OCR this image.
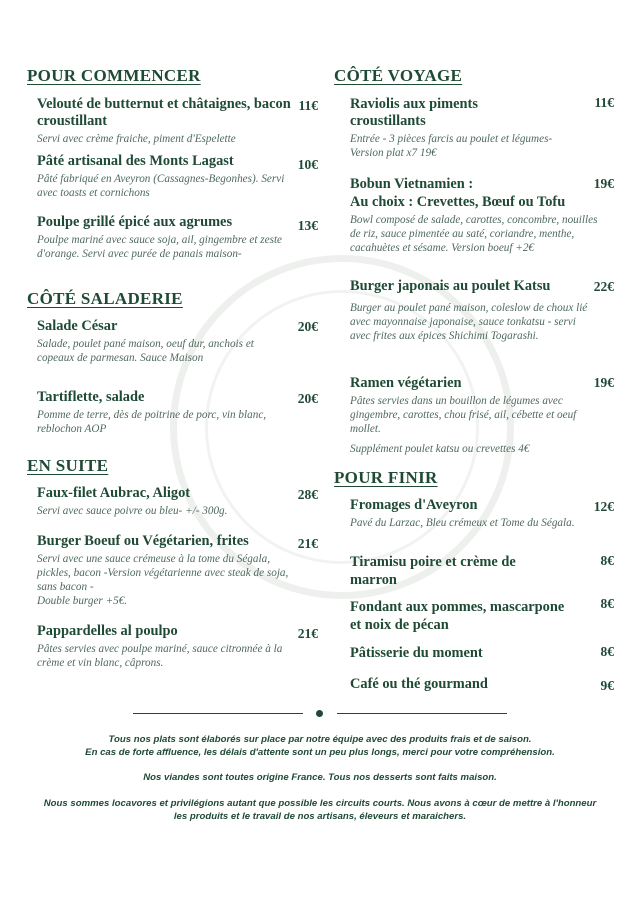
POUR COMMENCER
Velouté de butternut et châtaignes, bacon croustillant
Servi avec crème fraiche, piment d'Espelette
11€
Pâté artisanal des Monts Lagast
Pâté fabriqué en Aveyron (Cassagnes-Begonhes). Servi avec toasts et cornichons
10€
Poulpe grillé épicé aux agrumes
Poulpe mariné avec sauce soja, ail, gingembre et zeste d'orange. Servi avec purée de panais maison-
13€
CÔTÉ SALADERIE
Salade César
Salade, poulet pané maison, oeuf dur, anchois et copeaux de parmesan. Sauce Maison
20€
Tartiflette, salade
Pomme de terre, dès de poitrine de porc, vin blanc, reblochon AOP
20€
EN SUITE
Faux-filet Aubrac, Aligot
Servi avec sauce poivre ou bleu- +/- 300g.
28€
Burger Boeuf ou Végétarien, frites
Servi avec une sauce crémeuse à la tome du Ségala, pickles, bacon -Version végétarienne avec steak de soja, sans bacon -
Double burger +5€.
21€
Pappardelles al poulpo
Pâtes servies avec poulpe mariné, sauce citronnée à la crème et vin blanc, câprons.
21€
CÔTÉ VOYAGE
Raviolis aux piments croustillants
Entrée - 3 pièces farcis au poulet et légumes-Version plat x7 19€
11€
Bobun Vietnamien :
Au choix : Crevettes, Bœuf ou Tofu
Bowl composé de salade, carottes, concombre, nouilles de riz, sauce pimentée au saté, coriandre, menthe, cacahuètes et sésame. Version boeuf +2€
19€
Burger japonais au poulet Katsu
Burger au poulet pané maison, coleslow de choux lié avec mayonnaise japonaise, sauce tonkatsu - servi avec frites aux épices Shichimi Togarashi.
22€
Ramen végétarien
Pâtes servies dans un bouillon de légumes avec gingembre, carottes, chou frisé, ail, cébette et oeuf mollet.
Supplément poulet katsu ou crevettes 4€
19€
POUR FINIR
Fromages d'Aveyron
Pavé du Larzac, Bleu crémeux et Tome du Ségala.
12€
Tiramisu poire et crème de marron
8€
Fondant aux pommes, mascarpone et noix de pécan
8€
Pâtisserie du moment	8€
Café ou thé gourmand	9€
Tous nos plats sont élaborés sur place par notre équipe avec des produits frais et de saison.
En cas de forte affluence, les délais d'attente sont un peu plus longs, merci pour votre compréhension.
Nos viandes sont toutes origine France. Tous nos desserts sont faits maison.
Nous sommes locavores et privilégions autant que possible les circuits courts. Nous avons à cœur de mettre à l'honneur les produits et le travail de nos artisans, éleveurs et maraichers.
